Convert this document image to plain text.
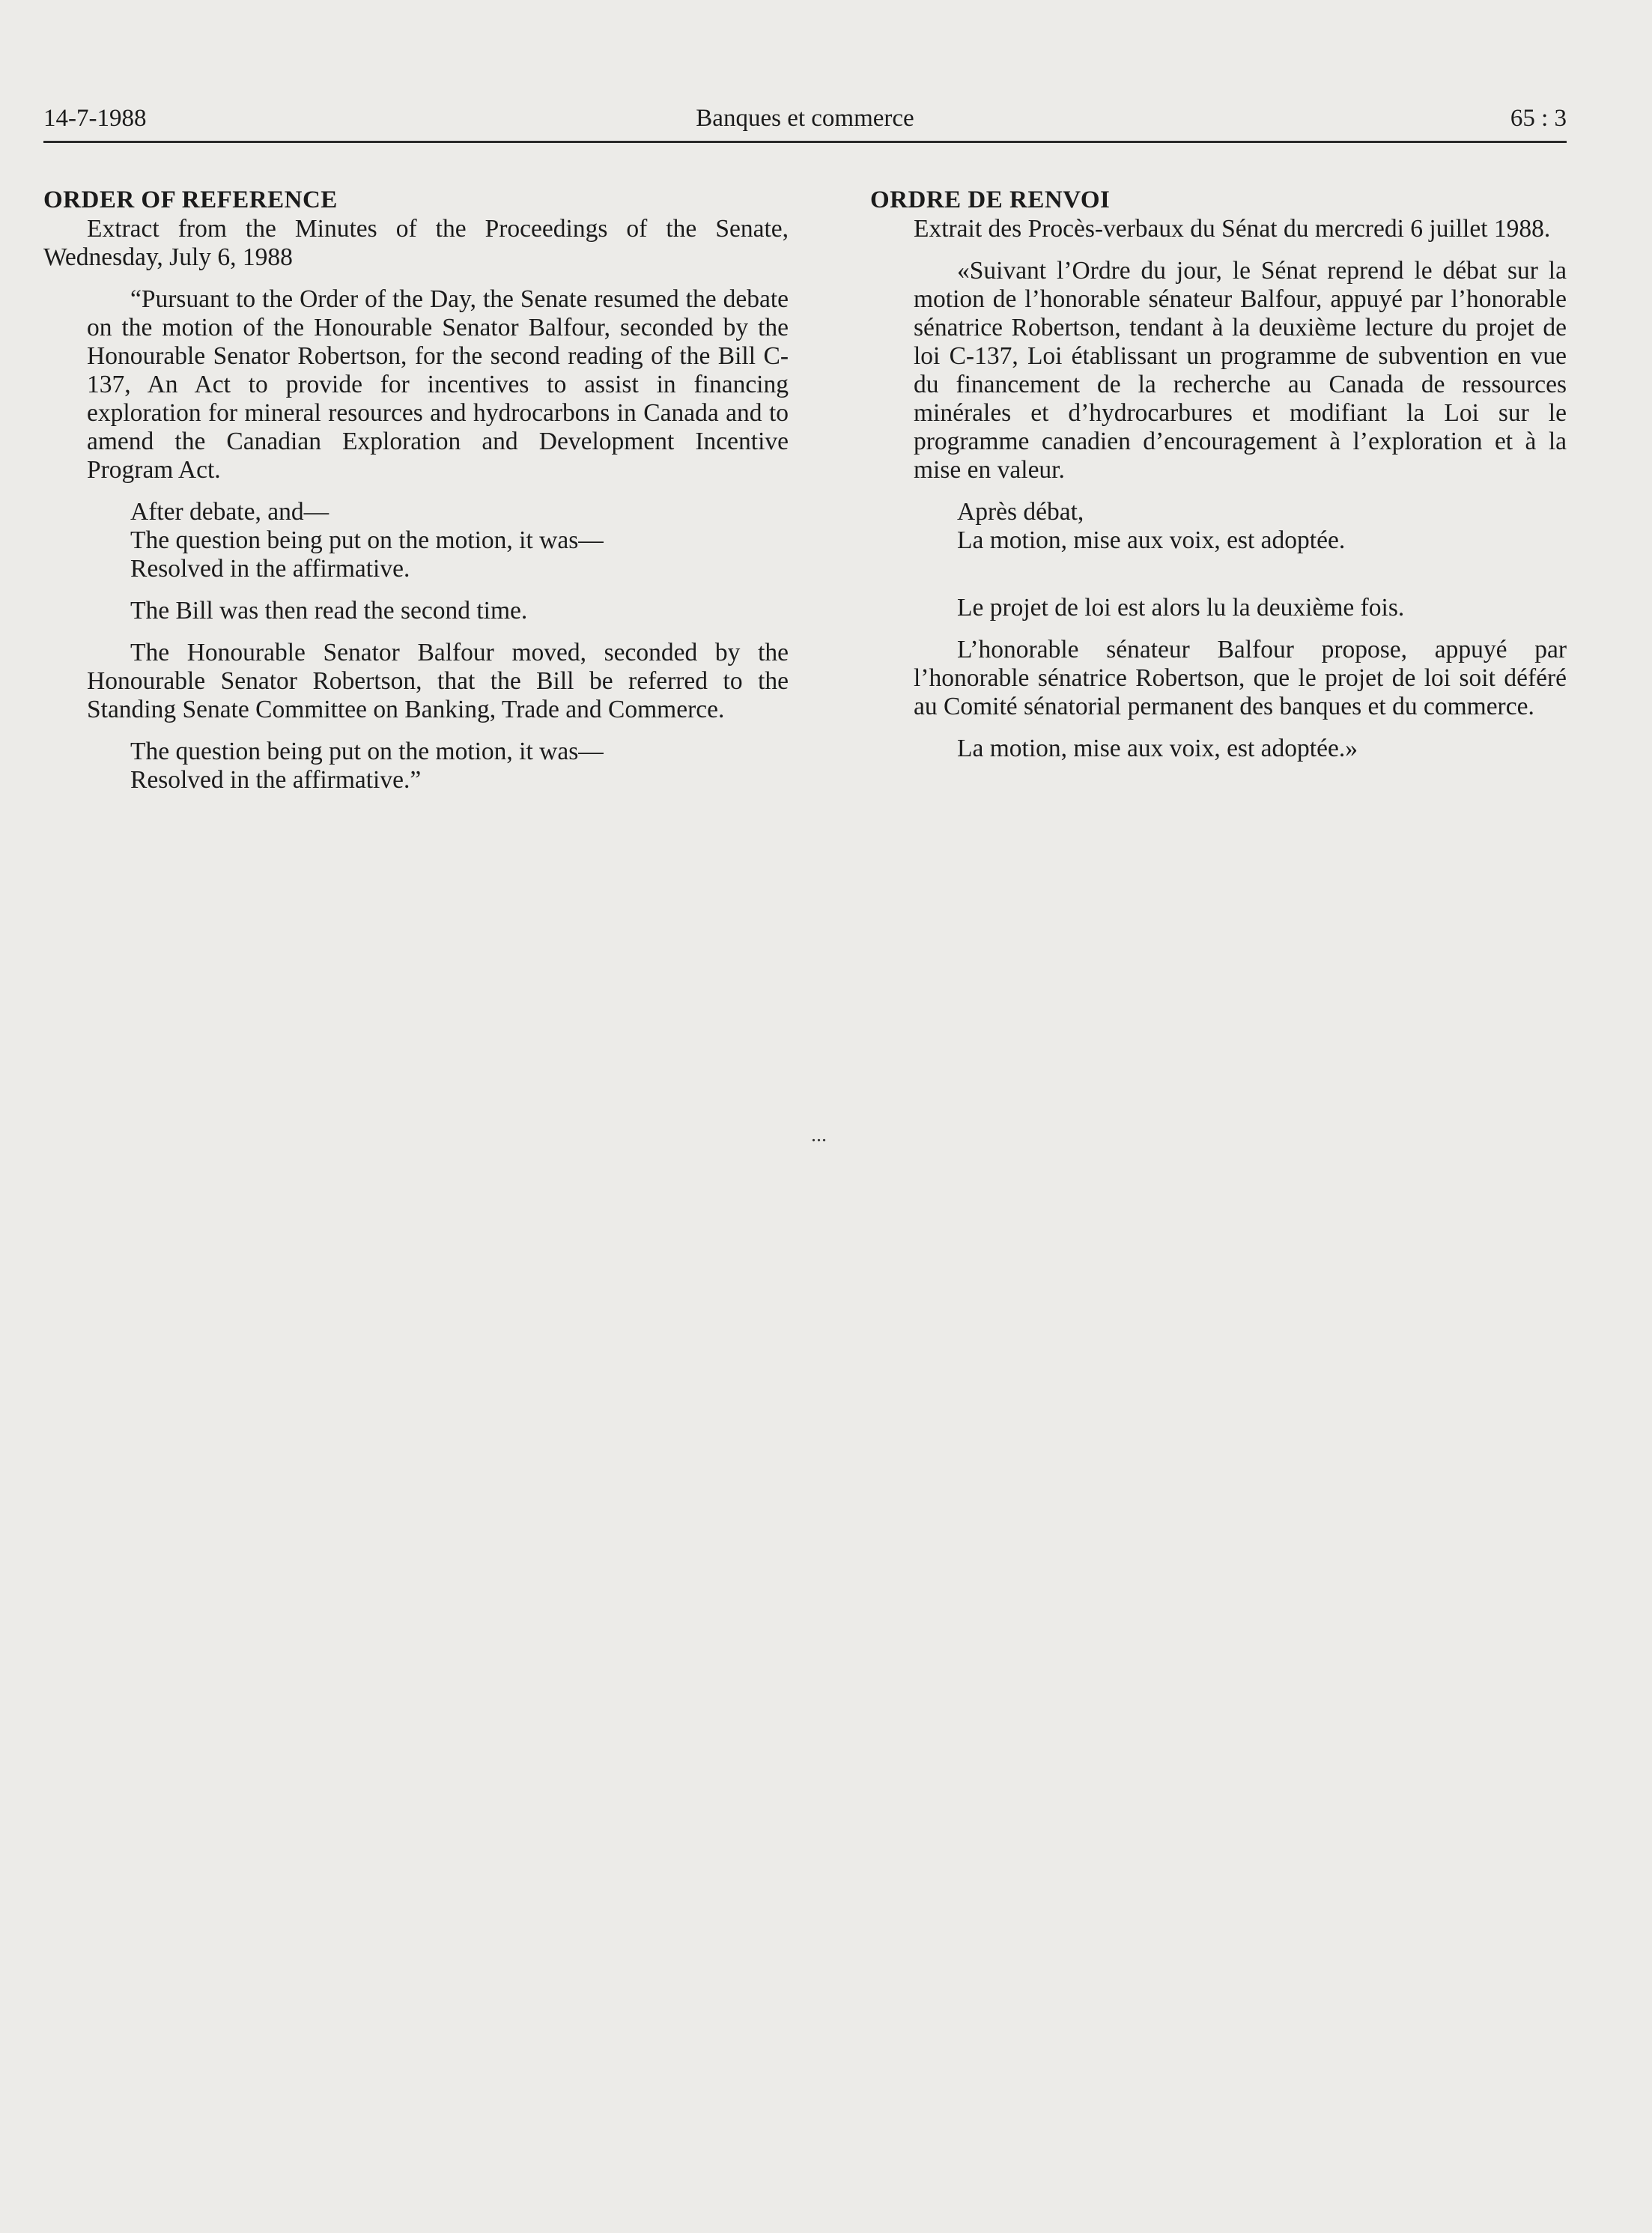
14-7-1988	Banques et commerce	65 : 3
ORDER OF REFERENCE

Extract from the Minutes of the Proceedings of the Senate, Wednesday, July 6, 1988

“Pursuant to the Order of the Day, the Senate resumed the debate on the motion of the Honourable Senator Balfour, seconded by the Honourable Senator Robertson, for the second reading of the Bill C-137, An Act to provide for incentives to assist in financing exploration for mineral resources and hydrocarbons in Canada and to amend the Canadian Exploration and Development Incentive Program Act.

After debate, and—

The question being put on the motion, it was—

Resolved in the affirmative.

The Bill was then read the second time.

The Honourable Senator Balfour moved, seconded by the Honourable Senator Robertson, that the Bill be referred to the Standing Senate Committee on Banking, Trade and Commerce.

The question being put on the motion, it was—

Resolved in the affirmative.”

ORDRE DE RENVOI

Extrait des Procès-verbaux du Sénat du mercredi 6 juillet 1988.

«Suivant l’Ordre du jour, le Sénat reprend le débat sur la motion de l’honorable sénateur Balfour, appuyé par l’honorable sénatrice Robertson, tendant à la deuxième lecture du projet de loi C-137, Loi établissant un programme de subvention en vue du financement de la recherche au Canada de ressources minérales et d’hydrocarbures et modifiant la Loi sur le programme canadien d’encouragement à l’exploration et à la mise en valeur.

Après débat,

La motion, mise aux voix, est adoptée.

Le projet de loi est alors lu la deuxième fois.

L’honorable sénateur Balfour propose, appuyé par l’honorable sénatrice Robertson, que le projet de loi soit déféré au Comité sénatorial permanent des banques et du commerce.

La motion, mise aux voix, est adoptée.»

...
